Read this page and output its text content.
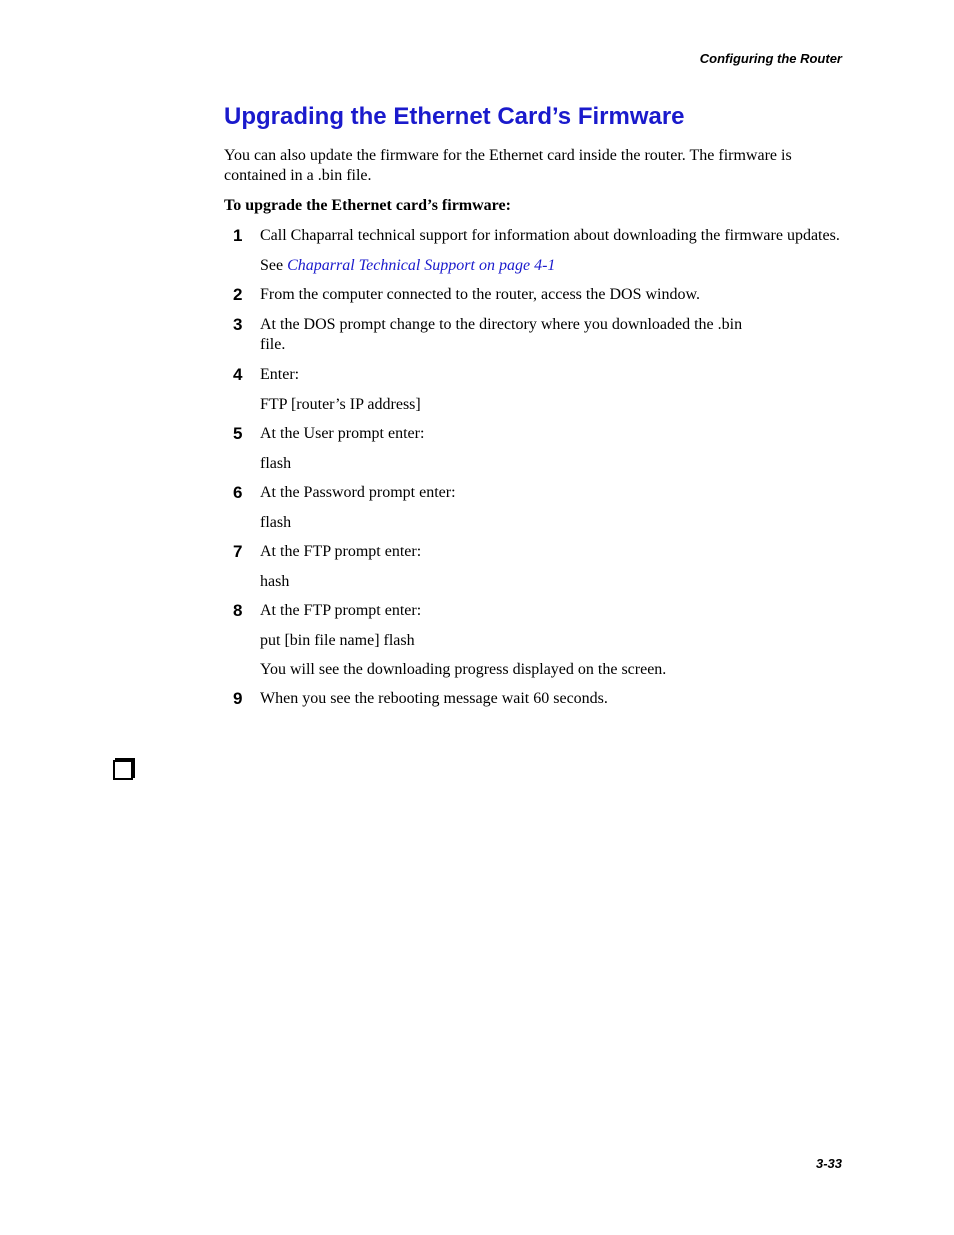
Configuring the Router
Upgrading the Ethernet Card’s Firmware

You can also update the firmware for the Ethernet card inside the router. The firmware is contained in a .bin file.

To upgrade the Ethernet card’s firmware:

1 Call Chaparral technical support for information about downloading the firmware updates.
See Chaparral Technical Support on page 4-1
2 From the computer connected to the router, access the DOS window.
3 At the DOS prompt change to the directory where you downloaded the .bin file.
4 Enter:
FTP [router’s IP address]
5 At the User prompt enter:
flash
6 At the Password prompt enter:
flash
7 At the FTP prompt enter:
hash
8 At the FTP prompt enter:
put [bin file name] flash
You will see the downloading progress displayed on the screen.
9 When you see the rebooting message wait 60 seconds.
3-33
